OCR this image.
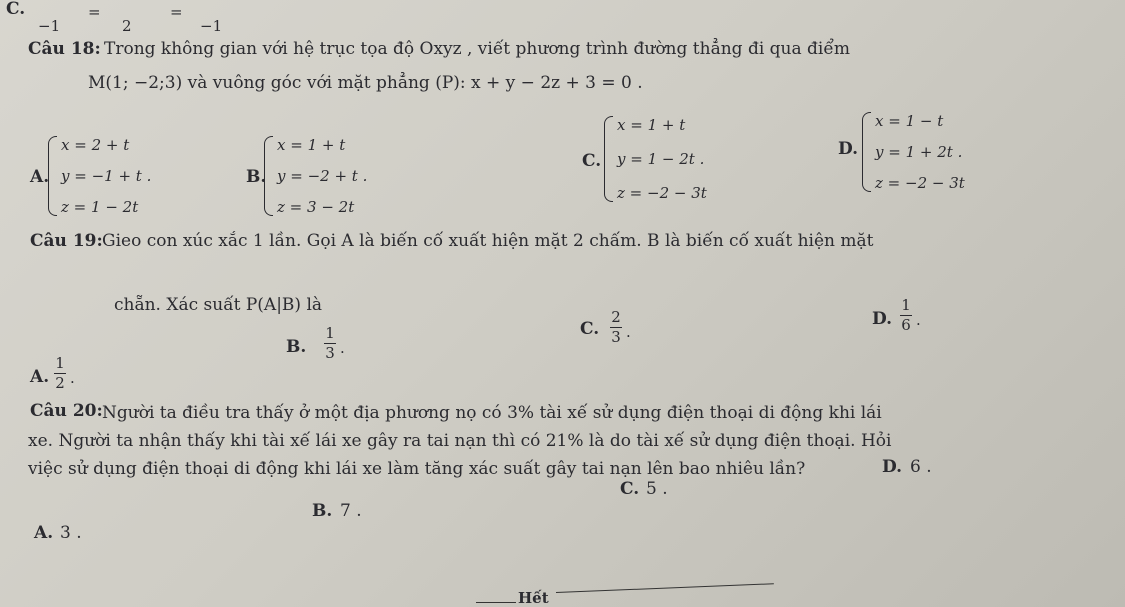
C.
−1
=
2
=
−1
Câu 18: Trong không gian với hệ trục tọa độ Oxyz , viết phương trình đường thẳng đi qua điểm
M(1; −2;3) và vuông góc với mặt phẳng (P): x + y − 2z + 3 = 0 .
A.
x = 2 + t
y = −1 + t .
z = 1 − 2t
B.
x = 1 + t
y = −2 + t .
z = 3 − 2t
C.
x = 1 + t
y = 1 − 2t .
z = −2 − 3t
D.
x = 1 − t
y = 1 + 2t .
z = −2 − 3t
Câu 19: Gieo con xúc xắc 1 lần. Gọi A là biến cố xuất hiện mặt 2 chấm. B là biến cố xuất hiện mặt
chẵn. Xác suất P(A|B) là
A.
1
2 .
B.
1
3 .
C.
2
3 .
D.
1
6 .
Câu 20: Người ta điều tra thấy ở một địa phương nọ có 3% tài xế sử dụng điện thoại di động khi lái
xe. Người ta nhận thấy khi tài xế lái xe gây ra tai nạn thì có 21% là do tài xế sử dụng điện thoại. Hỏi
việc sử dụng điện thoại di động khi lái xe làm tăng xác suất gây tai nạn lên bao nhiêu lần?
A. 3 .
B. 7 .
C. 5 .
D. 6 .
Hết
